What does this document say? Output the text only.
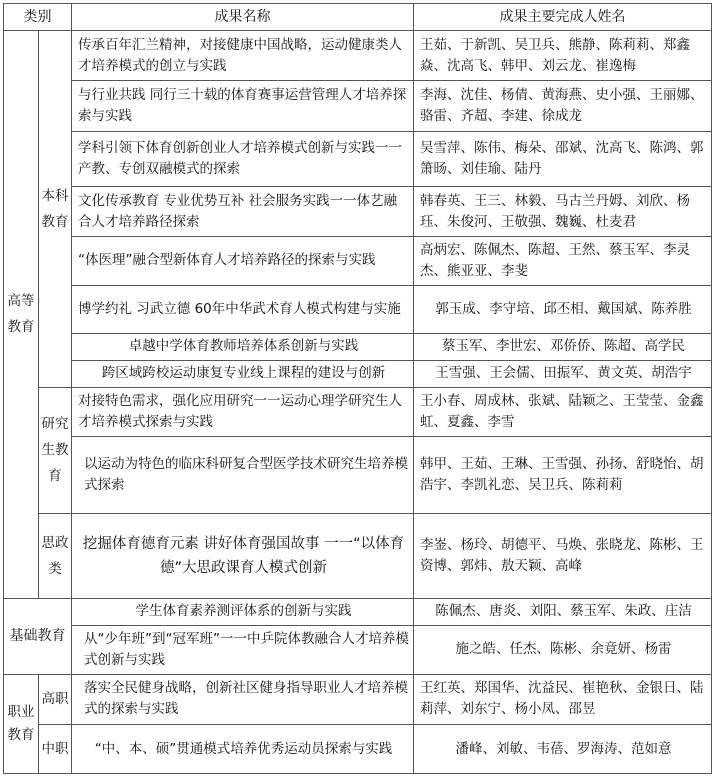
类别		成果名称	成果主要完成人姓名
高等教育	本科教育	传承百年汇兰精神，对接健康中国战略，运动健康类人才培养模式的创立与实践	王茹、于新凯、吴卫兵、熊静、陈莉莉、郑鑫焱、沈高飞、韩甲、刘云龙、崔逸梅
		与行业共践 同行三十载的体育赛事运营管理人才培养探索与实践	李海、沈佳、杨倩、黄海燕、史小强、王丽娜、骆雷、齐超、李建、徐成龙
		学科引领下体育创新创业人才培养模式创新与实践一一产教、专创双融模式的探索	吴雪萍、陈伟、梅朵、邵斌、沈高飞、陈鸿、郭箫旸、刘佳瑜、陆丹
		文化传承教育 专业优势互补 社会服务实践一一体艺融合人才培养路径探索	韩春英、王三、林毅、马古兰丹姆、刘欣、杨珏、朱俊河、王敬强、魏巍、杜麦君
		“体医理”融合型新体育人才培养路径的探索与实践	高炳宏、陈佩杰、陈超、王然、蔡玉军、李灵杰、熊亚亚、李斐
		博学约礼 习武立德 60年中华武术育人模式构建与实施	郭玉成、李守培、邱丕相、戴国斌、陈养胜
		卓越中学体育教师培养体系创新与实践	蔡玉军、李世宏、邓侨侨、陈超、高学民
		跨区域跨校运动康复专业线上课程的建设与创新	王雪强、王会儒、田振军、黄文英、胡浩宇
	研究生教育	对接特色需求，强化应用研究一一运动心理学研究生人才培养模式探索与实践	王小春、周成林、张斌、陆颖之、王莹莹、金鑫虹、夏鑫、李雪
		以运动为特色的临床科研复合型医学技术研究生培养模式探索	韩甲、王茹、王琳、王雪强、孙扬、舒晓怡、胡浩宇、李凯礼恋、吴卫兵、陈莉莉
	思政类	挖掘体育德育元素 讲好体育强国故事 一一“以体育德”大思政课育人模式创新	李崟、杨玲、胡德平、马焕、张晓龙、陈彬、王资博、郭炜、敖天颖、高峰
基础教育		学生体育素养测评体系的创新与实践	陈佩杰、唐炎、刘阳、蔡玉军、朱政、庄洁
		从“少年班”到“冠军班”一一中乒院体教融合人才培养模式创新与实践	施之皓、任杰、陈彬、余竟妍、杨雷
职业教育	高职	落实全民健身战略，创新社区健身指导职业人才培养模式的探索与实践	王红英、郑国华、沈益民、崔艳秋、金银日、陆莉萍、刘东宁、杨小凤、邵昱
	中职	“中、本、硕”贯通模式培养优秀运动员探索与实践	潘峰、刘敏、韦蓓、罗海涛、范如意
